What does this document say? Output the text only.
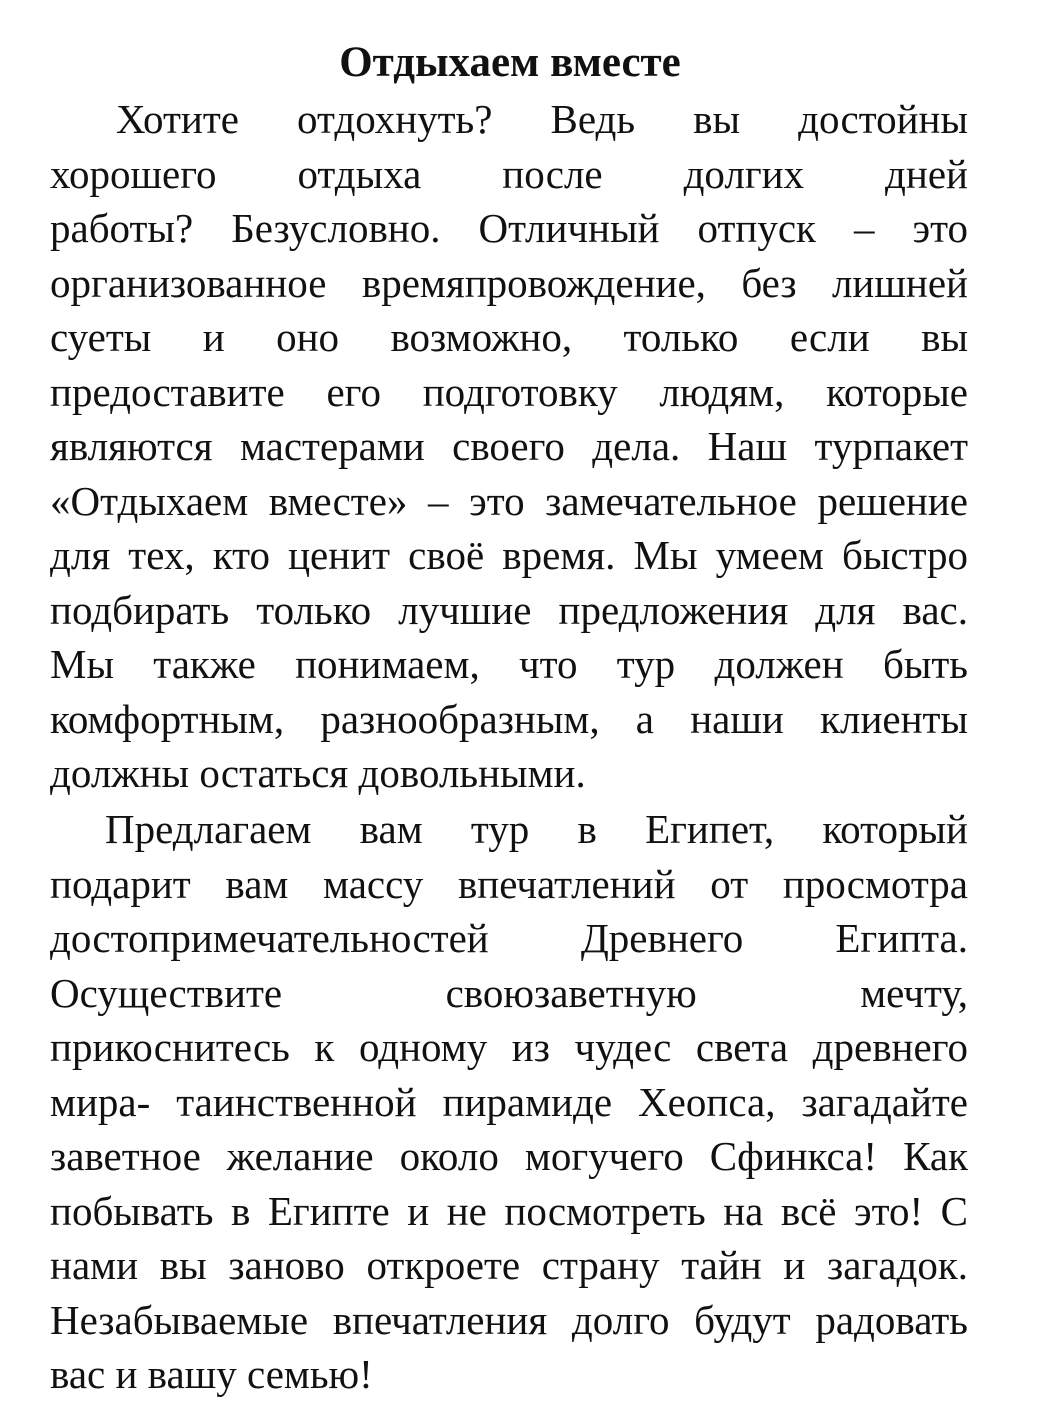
Отдыхаем вместе
Хотите отдохнуть? Ведь вы достойны
хорошего отдыха после долгих дней
работы? Безусловно. Отличный отпуск – это
организованное времяпровождение, без лишней
суеты и оно возможно, только если вы
предоставите его подготовку людям, которые
являются мастерами своего дела. Наш турпакет
«Отдыхаем вместе» – это замечательное решение
для тех, кто ценит своё время. Мы умеем быстро
подбирать только лучшие предложения для вас.
Мы также понимаем, что тур должен быть
комфортным, разнообразным, а наши клиенты
должны остаться довольными.
Предлагаем вам тур в Египет, который
подарит вам массу впечатлений от просмотра
достопримечательностей Древнего Египта.
Осуществите своюзаветную мечту,
прикоснитесь к одному из чудес света древнего
мира- таинственной пирамиде Хеопса, загадайте
заветное желание около могучего Сфинкса! Как
побывать в Египте и не посмотреть на всё это! С
нами вы заново откроете страну тайн и загадок.
Незабываемые впечатления долго будут радовать
вас и вашу семью!
